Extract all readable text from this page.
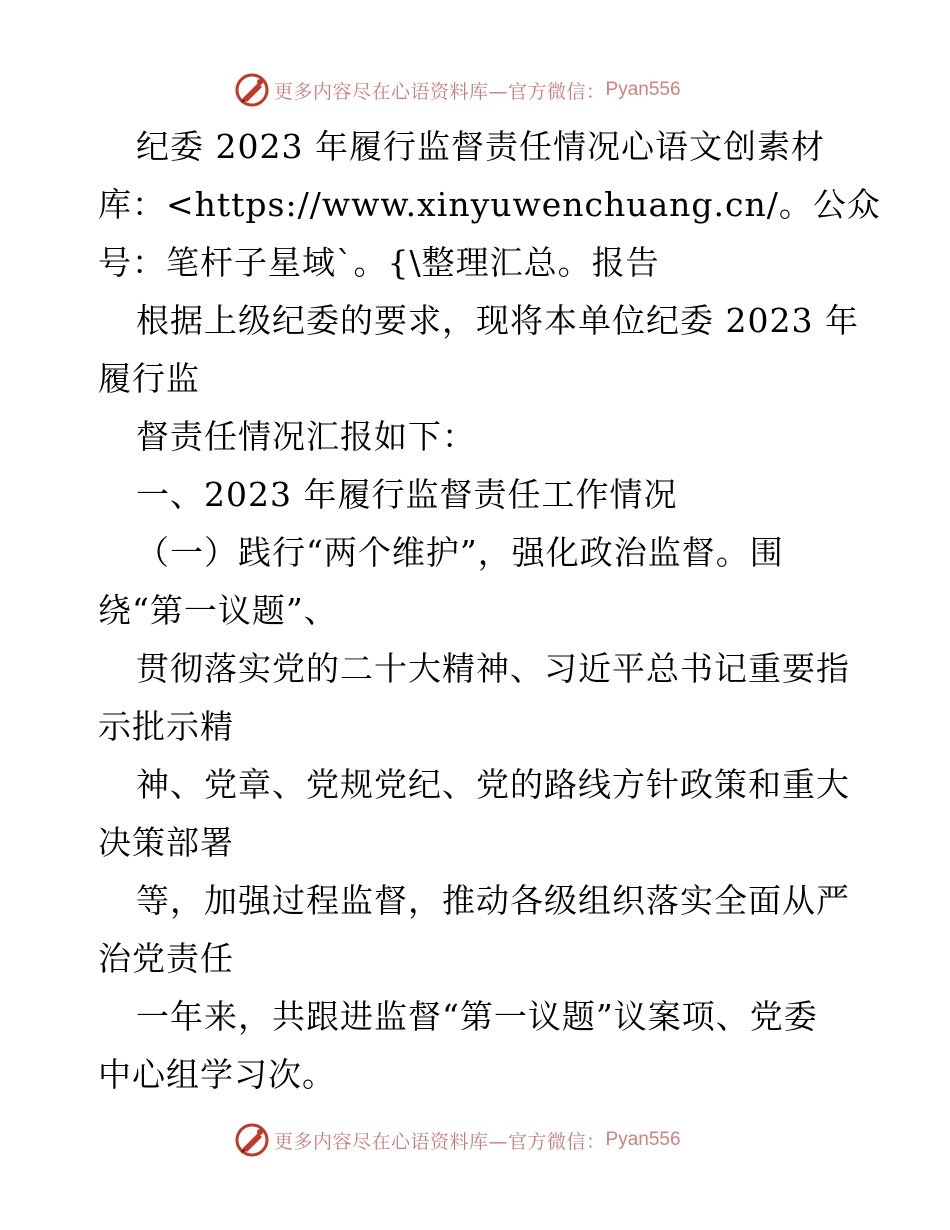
更多内容尽在心语资料库—官方微信： Pyan556
纪委 2023 年履行监督责任情况心语文创素材
库：<https://www.xinyuwenchuang.cn/。公众
号：笔杆子星域`。{\整理汇总。报告
根据上级纪委的要求，现将本单位纪委 2023 年
履行监
督责任情况汇报如下：
一、2023 年履行监督责任工作情况
（一）践行“两个维护”，强化政治监督。围
绕“第一议题”、
贯彻落实党的二十大精神、习近平总书记重要指
示批示精
神、党章、党规党纪、党的路线方针政策和重大
决策部署
等，加强过程监督，推动各级组织落实全面从严
治党责任
一年来，共跟进监督“第一议题”议案项、党委
中心组学习次。
更多内容尽在心语资料库—官方微信： Pyan556
